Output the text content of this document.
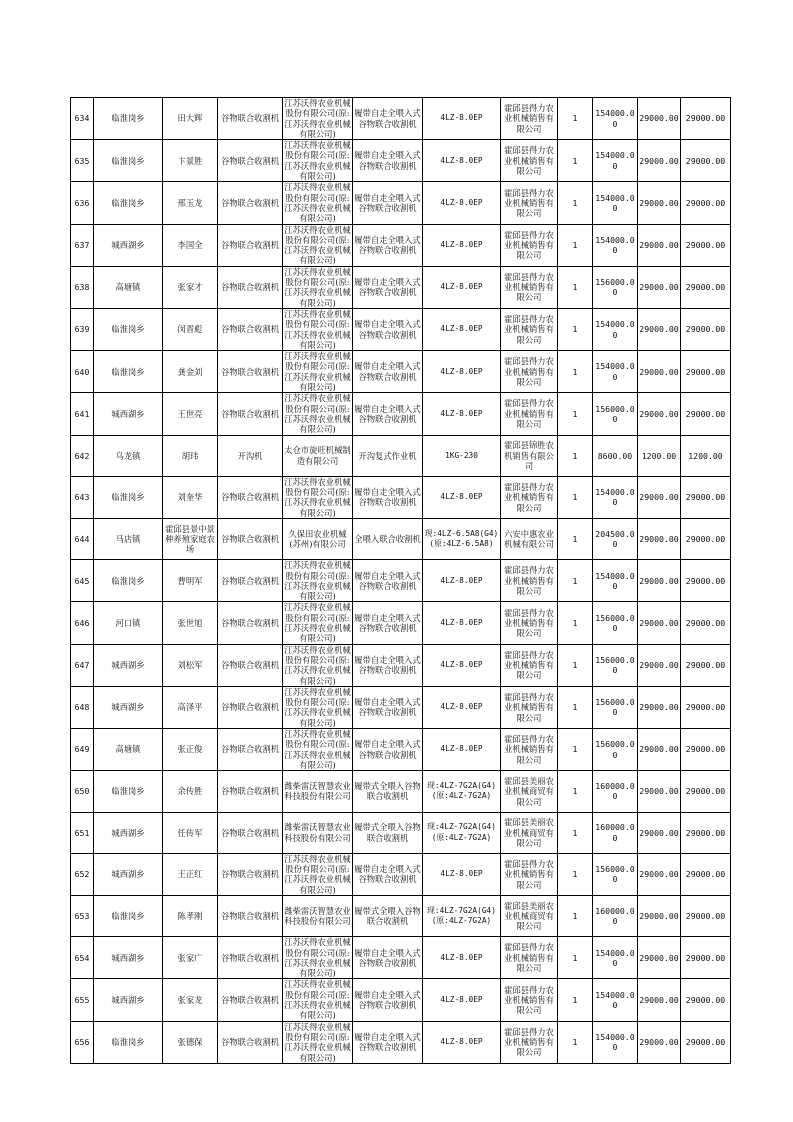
634	临淮岗乡	田大辉	谷物联合收割机	江苏沃得农业机械股份有限公司(原:江苏沃得农业机械有限公司)	履带自走全喂入式谷物联合收割机	4LZ-8.0EP	霍邱县得力农业机械销售有限公司	1	154000.00	29000.00	29000.00
635	临淮岗乡	卞景胜	谷物联合收割机	江苏沃得农业机械股份有限公司(原:江苏沃得农业机械有限公司)	履带自走全喂入式谷物联合收割机	4LZ-8.0EP	霍邱县得力农业机械销售有限公司	1	154000.00	29000.00	29000.00
636	临淮岗乡	邢玉龙	谷物联合收割机	江苏沃得农业机械股份有限公司(原:江苏沃得农业机械有限公司)	履带自走全喂入式谷物联合收割机	4LZ-8.0EP	霍邱县得力农业机械销售有限公司	1	154000.00	29000.00	29000.00
637	城西湖乡	李国全	谷物联合收割机	江苏沃得农业机械股份有限公司(原:江苏沃得农业机械有限公司)	履带自走全喂入式谷物联合收割机	4LZ-8.0EP	霍邱县得力农业机械销售有限公司	1	154000.00	29000.00	29000.00
638	高塘镇	张家才	谷物联合收割机	江苏沃得农业机械股份有限公司(原:江苏沃得农业机械有限公司)	履带自走全喂入式谷物联合收割机	4LZ-8.0EP	霍邱县得力农业机械销售有限公司	1	156000.00	29000.00	29000.00
639	临淮岗乡	闵晋彪	谷物联合收割机	江苏沃得农业机械股份有限公司(原:江苏沃得农业机械有限公司)	履带自走全喂入式谷物联合收割机	4LZ-8.0EP	霍邱县得力农业机械销售有限公司	1	154000.00	29000.00	29000.00
640	临淮岗乡	龚金刘	谷物联合收割机	江苏沃得农业机械股份有限公司(原:江苏沃得农业机械有限公司)	履带自走全喂入式谷物联合收割机	4LZ-8.0EP	霍邱县得力农业机械销售有限公司	1	154000.00	29000.00	29000.00
641	城西湖乡	王世亮	谷物联合收割机	江苏沃得农业机械股份有限公司(原:江苏沃得农业机械有限公司)	履带自走全喂入式谷物联合收割机	4LZ-8.0EP	霍邱县得力农业机械销售有限公司	1	156000.00	29000.00	29000.00
642	乌龙镇	胡玮	开沟机	太仓市旋旺机械制造有限公司	开沟复式作业机	1KG-230	霍邱县锦胜农机销售有限公司	1	8600.00	1200.00	1200.00
643	临淮岗乡	刘奎华	谷物联合收割机	江苏沃得农业机械股份有限公司(原:江苏沃得农业机械有限公司)	履带自走全喂入式谷物联合收割机	4LZ-8.0EP	霍邱县得力农业机械销售有限公司	1	154000.00	29000.00	29000.00
644	马店镇	霍邱县景中景种养殖家庭农场	谷物联合收割机	久保田农业机械(苏州)有限公司	全喂入联合收割机	现:4LZ-6.5A8(G4)(原:4LZ-6.5A8)	六安中惠农业机械有限公司	1	204500.00	29000.00	29000.00
645	临淮岗乡	曹明军	谷物联合收割机	江苏沃得农业机械股份有限公司(原:江苏沃得农业机械有限公司)	履带自走全喂入式谷物联合收割机	4LZ-8.0EP	霍邱县得力农业机械销售有限公司	1	154000.00	29000.00	29000.00
646	河口镇	张世旭	谷物联合收割机	江苏沃得农业机械股份有限公司(原:江苏沃得农业机械有限公司)	履带自走全喂入式谷物联合收割机	4LZ-8.0EP	霍邱县得力农业机械销售有限公司	1	156000.00	29000.00	29000.00
647	城西湖乡	刘松军	谷物联合收割机	江苏沃得农业机械股份有限公司(原:江苏沃得农业机械有限公司)	履带自走全喂入式谷物联合收割机	4LZ-8.0EP	霍邱县得力农业机械销售有限公司	1	156000.00	29000.00	29000.00
648	城西湖乡	高泽平	谷物联合收割机	江苏沃得农业机械股份有限公司(原:江苏沃得农业机械有限公司)	履带自走全喂入式谷物联合收割机	4LZ-8.0EP	霍邱县得力农业机械销售有限公司	1	156000.00	29000.00	29000.00
649	高塘镇	张正俊	谷物联合收割机	江苏沃得农业机械股份有限公司(原:江苏沃得农业机械有限公司)	履带自走全喂入式谷物联合收割机	4LZ-8.0EP	霍邱县得力农业机械销售有限公司	1	156000.00	29000.00	29000.00
650	临淮岗乡	余传胜	谷物联合收割机	潍柴雷沃智慧农业科技股份有限公司	履带式全喂入谷物联合收割机	现:4LZ-7G2A(G4)(原:4LZ-7G2A)	霍邱县美丽农业机械商贸有限公司	1	160000.00	29000.00	29000.00
651	城西湖乡	任传军	谷物联合收割机	潍柴雷沃智慧农业科技股份有限公司	履带式全喂入谷物联合收割机	现:4LZ-7G2A(G4)(原:4LZ-7G2A)	霍邱县美丽农业机械商贸有限公司	1	160000.00	29000.00	29000.00
652	城西湖乡	王正红	谷物联合收割机	江苏沃得农业机械股份有限公司(原:江苏沃得农业机械有限公司)	履带自走全喂入式谷物联合收割机	4LZ-8.0EP	霍邱县得力农业机械销售有限公司	1	156000.00	29000.00	29000.00
653	临淮岗乡	陈孝刚	谷物联合收割机	潍柴雷沃智慧农业科技股份有限公司	履带式全喂入谷物联合收割机	现:4LZ-7G2A(G4)(原:4LZ-7G2A)	霍邱县美丽农业机械商贸有限公司	1	160000.00	29000.00	29000.00
654	城西湖乡	张家广	谷物联合收割机	江苏沃得农业机械股份有限公司(原:江苏沃得农业机械有限公司)	履带自走全喂入式谷物联合收割机	4LZ-8.0EP	霍邱县得力农业机械销售有限公司	1	154000.00	29000.00	29000.00
655	城西湖乡	张家龙	谷物联合收割机	江苏沃得农业机械股份有限公司(原:江苏沃得农业机械有限公司)	履带自走全喂入式谷物联合收割机	4LZ-8.0EP	霍邱县得力农业机械销售有限公司	1	154000.00	29000.00	29000.00
656	临淮岗乡	张德保	谷物联合收割机	江苏沃得农业机械股份有限公司(原:江苏沃得农业机械有限公司)	履带自走全喂入式谷物联合收割机	4LZ-8.0EP	霍邱县得力农业机械销售有限公司	1	154000.00	29000.00	29000.00
